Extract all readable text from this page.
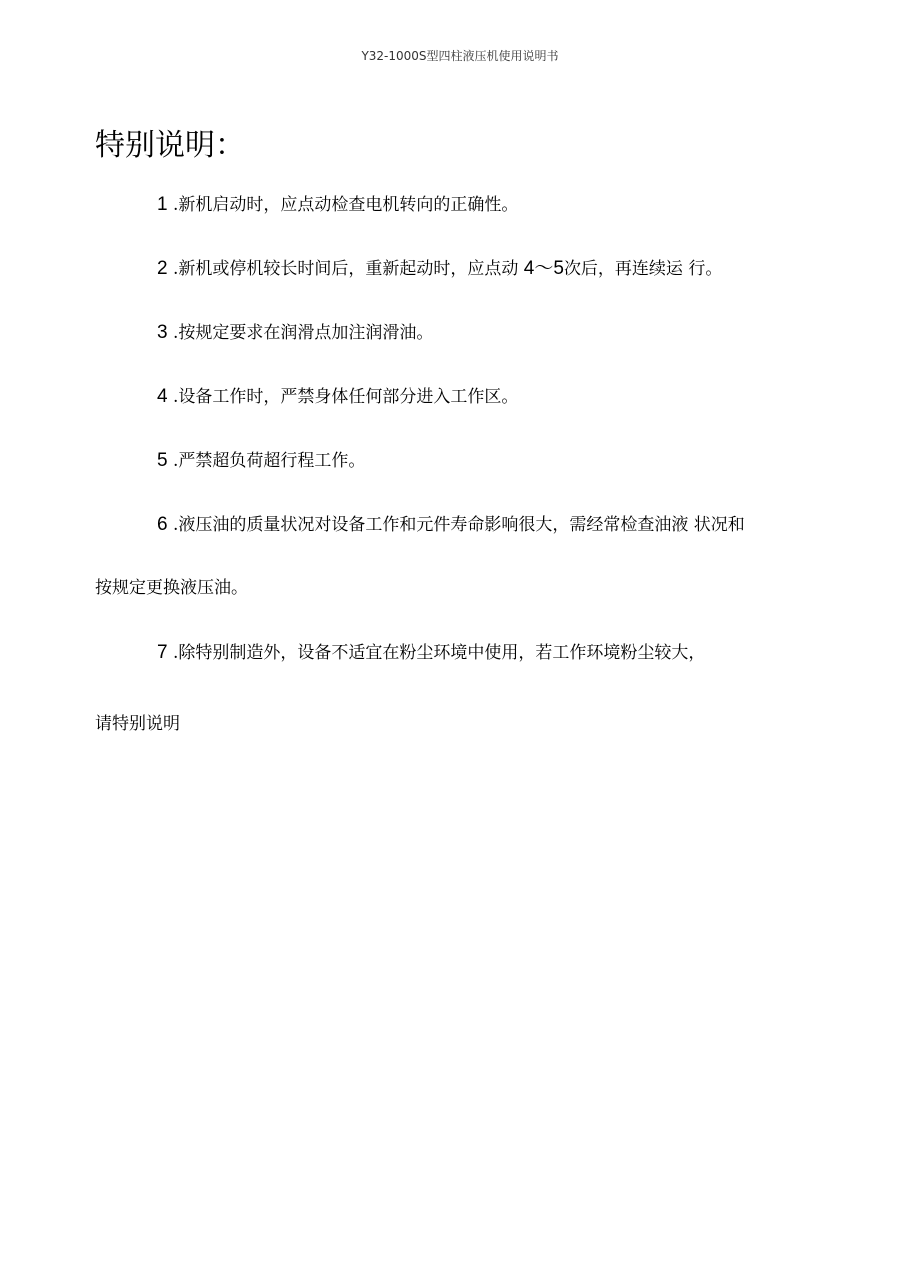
Y32-1000S型四柱液压机使用说明书
特别说明：
1 .新机启动时，应点动检查电机转向的正确性。
2 .新机或停机较长时间后，重新起动时，应点动 4～5次后，再连续运 行。
3 .按规定要求在润滑点加注润滑油。
4 .设备工作时，严禁身体任何部分进入工作区。
5 .严禁超负荷超行程工作。
6 .液压油的质量状况对设备工作和元件寿命影响很大，需经常检查油液 状况和
按规定更换液压油。
7 .除特别制造外，设备不适宜在粉尘环境中使用，若工作环境粉尘较大，
请特别说明
